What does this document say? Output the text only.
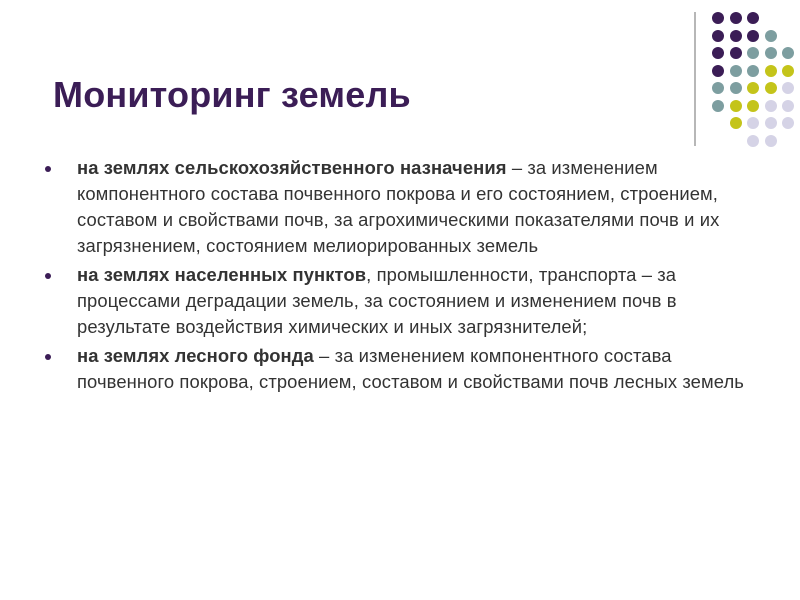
Мониторинг земель
на землях сельскохозяйственного назначения – за изменением компонентного состава почвенного покрова и его состоянием, строением, составом и свойствами почв, за агрохимическими показателями почв и их загрязнением, состоянием мелиорированных земель
на землях населенных пунктов, промышленности, транспорта – за процессами деградации земель, за состоянием и изменением почв в результате воздействия химических и иных загрязнителей;
на землях лесного фонда – за изменением компонентного состава почвенного покрова, строением, составом и свойствами почв лесных земель
